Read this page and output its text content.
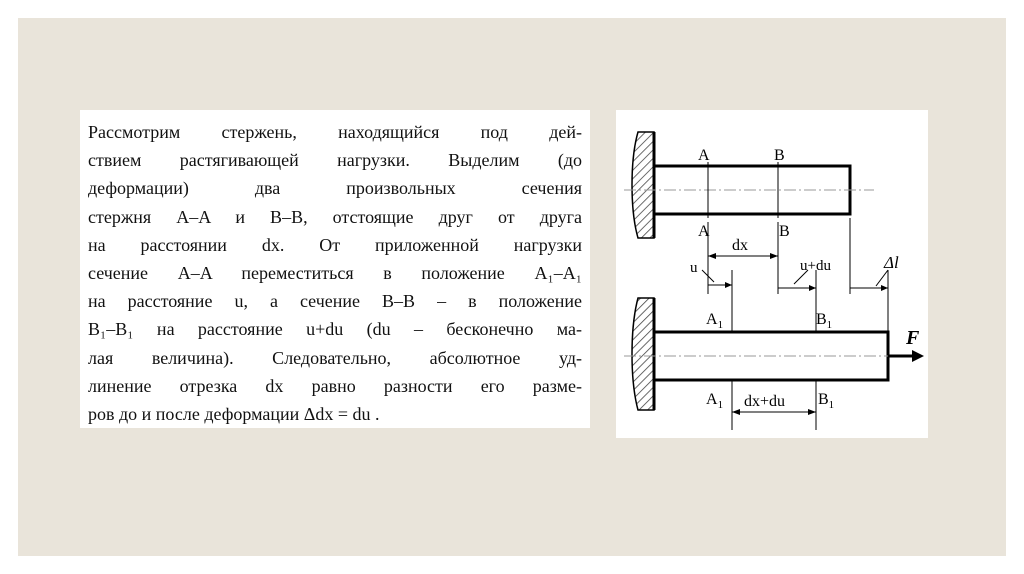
Рассмотрим стержень, находящийся под дей-
ствием растягивающей нагрузки. Выделим (до
деформации) два произвольных сечения
стержня A–A и B–B, отстоящие друг от друга
на расстоянии dx. От приложенной нагрузки
сечение A–A переместиться в положение A₁–A₁
на расстояние u, а сечение B–B – в положение
B₁–B₁ на расстояние u+du (du – бесконечно ма-
лая величина). Следовательно, абсолютное уд-
линение отрезка dx равно разности его разме-
ров до и после деформации Δdx = du .
A	B
A	B
dx
u	u+du	Δl
F
$A_1$	$B_1$
$A_1$	$B_1$
dx+du
